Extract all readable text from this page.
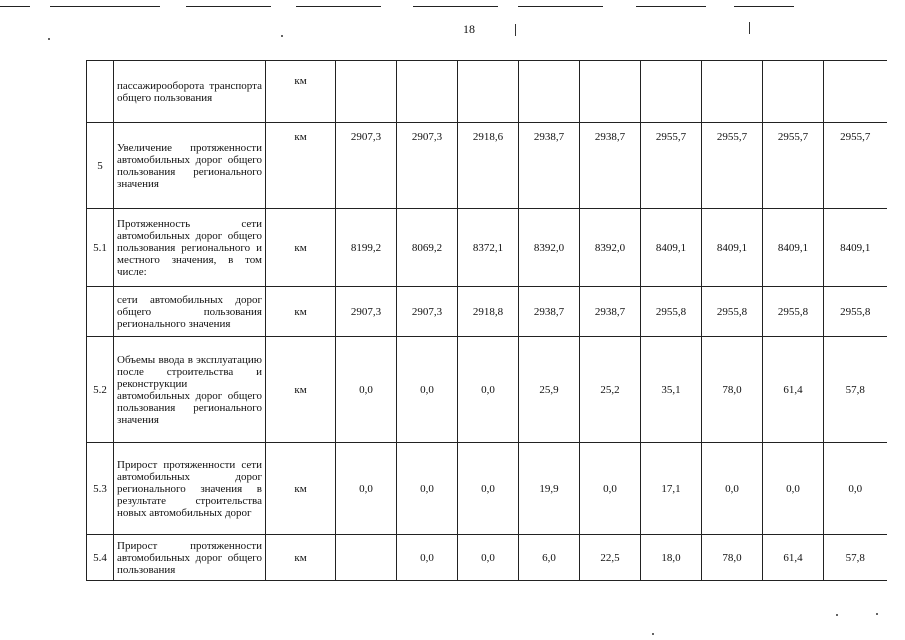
18
	пассажирооборота транспорта общего пользования	км									
5	Увеличение протяженности автомобильных дорог общего пользования регионального значения	км	2907,3	2907,3	2918,6	2938,7	2938,7	2955,7	2955,7	2955,7	2955,7
5.1	Протяженность сети автомобильных дорог общего пользования регионального и местного значения, в том числе:	км	8199,2	8069,2	8372,1	8392,0	8392,0	8409,1	8409,1	8409,1	8409,1
	сети автомобильных дорог общего пользования регионального значения	км	2907,3	2907,3	2918,8	2938,7	2938,7	2955,8	2955,8	2955,8	2955,8
5.2	Объемы ввода в эксплуатацию после строительства и реконструкции автомобильных дорог общего пользования регионального значения	км	0,0	0,0	0,0	25,9	25,2	35,1	78,0	61,4	57,8
5.3	Прирост протяженности сети автомобильных дорог регионального значения в результате строительства новых автомобильных дорог	км	0,0	0,0	0,0	19,9	0,0	17,1	0,0	0,0	0,0
5.4	Прирост протяженности автомобильных дорог общего пользования	км		0,0	0,0	6,0	22,5	18,0	78,0	61,4	57,8
